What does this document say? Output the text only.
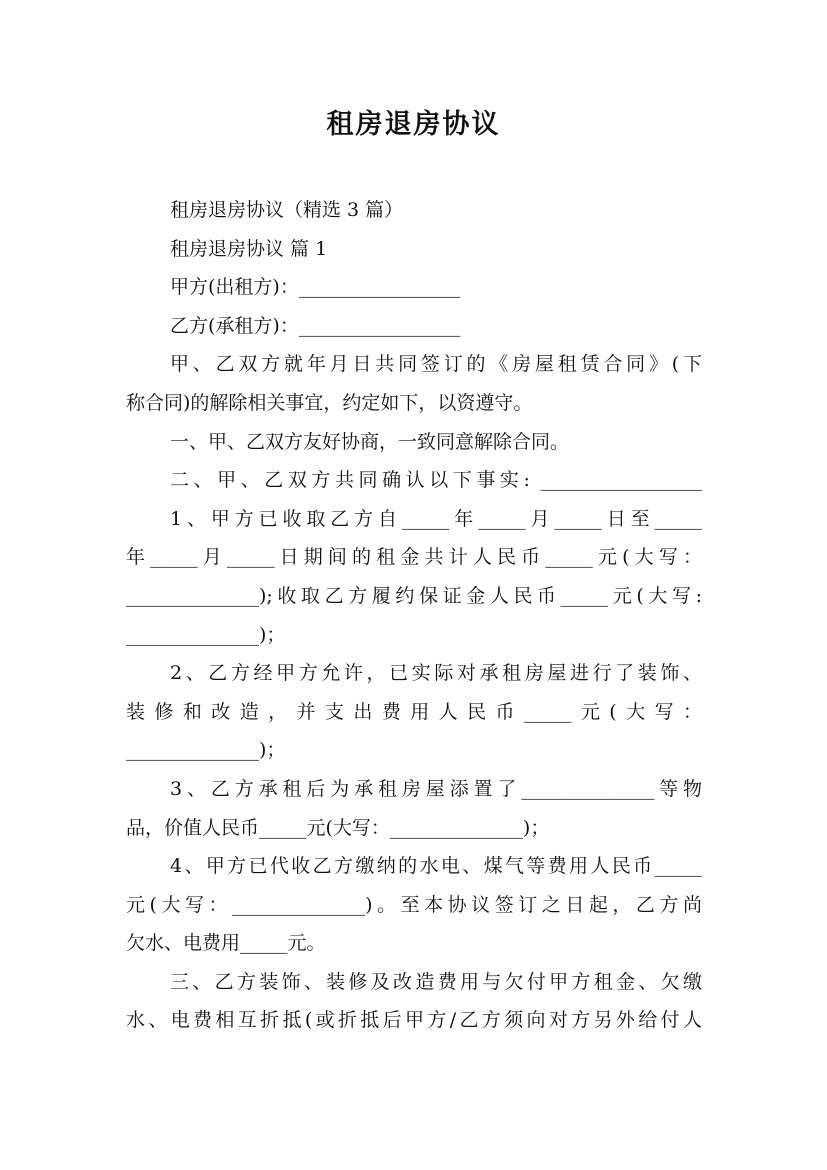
租房退房协议
租房退房协议（精选 3 篇）
租房退房协议 篇 1
甲方(出租方)：_________________
乙方(承租方)：_________________
甲、乙双方就年月日共同签订的《房屋租赁合同》(下
称合同)的解除相关事宜，约定如下，以资遵守。
一、甲、乙双方友好协商，一致同意解除合同。
二、甲、乙双方共同确认以下事实: _________________
1、甲方已收取乙方自_____年_____月_____日至_____
年_____月_____日期间的租金共计人民币_____元(大写：
______________);收取乙方履约保证金人民币_____元(大写:
______________)；
2、乙方经甲方允许，已实际对承租房屋进行了装饰、
装修和改造，并支出费用人民币_____元(大写：
______________)；
3、乙方承租后为承租房屋添置了______________等物
品，价值人民币_____元(大写：______________)；
4、甲方已代收乙方缴纳的水电、煤气等费用人民币_____
元(大写：______________)。至本协议签订之日起，乙方尚
欠水、电费用_____元。
三、乙方装饰、装修及改造费用与欠付甲方租金、欠缴
水、电费相互折抵(或折抵后甲方/乙方须向对方另外给付人
